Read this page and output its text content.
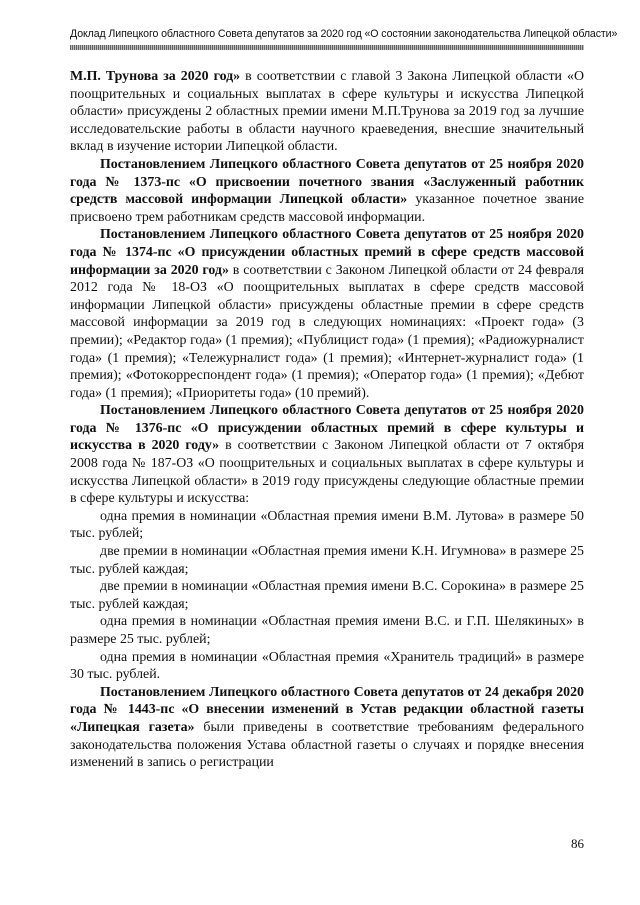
Доклад Липецкого областного Совета депутатов за 2020 год «О состоянии законодательства Липецкой области»

М.П. Трунова за 2020 год» в соответствии с главой 3 Закона Липецкой области «О поощрительных и социальных выплатах в сфере культуры и искусства Липецкой области» присуждены 2 областных премии имени М.П.Трунова за 2019 год за лучшие исследовательские работы в области научного краеведения, внесшие значительный вклад в изучение истории Липецкой области.

Постановлением Липецкого областного Совета депутатов от 25 ноября 2020 года № 1373-пс «О присвоении почетного звания «Заслуженный работник средств массовой информации Липецкой области» указанное почетное звание присвоено трем работникам средств массовой информации.

Постановлением Липецкого областного Совета депутатов от 25 ноября 2020 года № 1374-пс «О присуждении областных премий в сфере средств массовой информации за 2020 год» в соответствии с Законом Липецкой области от 24 февраля 2012 года № 18-ОЗ «О поощрительных выплатах в сфере средств массовой информации Липецкой области» присуждены областные премии в сфере средств массовой информации за 2019 год в следующих номинациях: «Проект года» (3 премии); «Редактор года» (1 премия); «Публицист года» (1 премия); «Радиожурналист года» (1 премия); «Тележурналист года» (1 премия); «Интернет-журналист года» (1 премия); «Фотокорреспондент года» (1 премия); «Оператор года» (1 премия); «Дебют года» (1 премия); «Приоритеты года» (10 премий).

Постановлением Липецкого областного Совета депутатов от 25 ноября 2020 года № 1376-пс «О присуждении областных премий в сфере культуры и искусства в 2020 году» в соответствии с Законом Липецкой области от 7 октября 2008 года № 187-ОЗ «О поощрительных и социальных выплатах в сфере культуры и искусства Липецкой области» в 2019 году присуждены следующие областные премии в сфере культуры и искусства:

одна премия в номинации «Областная премия имени В.М. Лутова» в размере 50 тыс. рублей;

две премии в номинации «Областная премия имени К.Н. Игумнова» в размере 25 тыс. рублей каждая;

две премии в номинации «Областная премия имени В.С. Сорокина» в размере 25 тыс. рублей каждая;

одна премия в номинации «Областная премия имени В.С. и Г.П. Шелякиных» в размере 25 тыс. рублей;

одна премия в номинации «Областная премия «Хранитель традиций» в размере 30 тыс. рублей.

Постановлением Липецкого областного Совета депутатов от 24 декабря 2020 года № 1443-пс «О внесении изменений в Устав редакции областной газеты «Липецкая газета» были приведены в соответствие требованиям федерального законодательства положения Устава областной газеты о случаях и порядке внесения изменений в запись о регистрации

86
